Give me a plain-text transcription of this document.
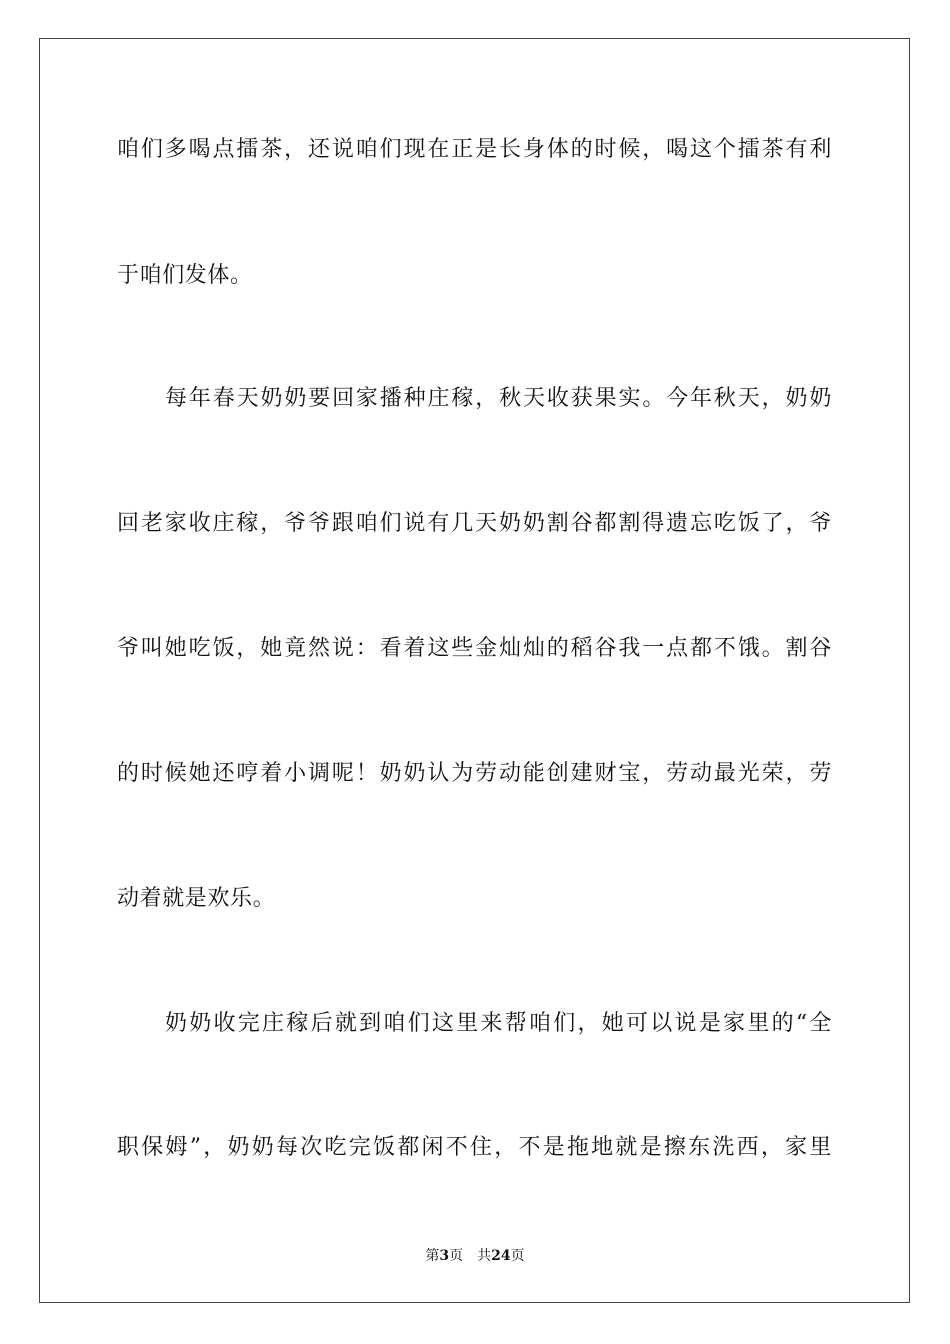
咱们多喝点擂茶，还说咱们现在正是长身体的时候，喝这个擂茶有利
于咱们发体。
每年春天奶奶要回家播种庄稼，秋天收获果实。今年秋天，奶奶
回老家收庄稼，爷爷跟咱们说有几天奶奶割谷都割得遗忘吃饭了，爷
爷叫她吃饭，她竟然说：看着这些金灿灿的稻谷我一点都不饿。割谷
的时候她还哼着小调呢！奶奶认为劳动能创建财宝，劳动最光荣，劳
动着就是欢乐。
奶奶收完庄稼后就到咱们这里来帮咱们，她可以说是家里的“全
职保姆”，奶奶每次吃完饭都闲不住，不是拖地就是擦东洗西，家里
第3页 共24页
